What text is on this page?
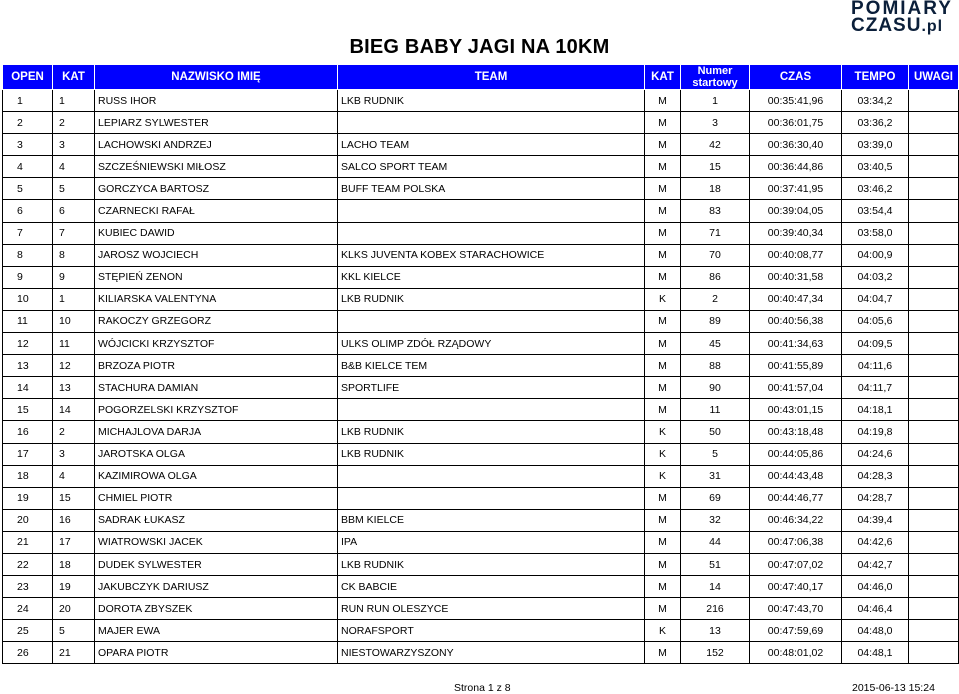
BIEG BABY JAGI NA 10KM
POMIARY
CZASU.pl
OPEN	KAT	NAZWISKO IMIĘ	TEAM	KAT	Numer startowy	CZAS	TEMPO	UWAGI
1	1	RUSS IHOR	LKB RUDNIK	M	1	00:35:41,96	03:34,2	
2	2	LEPIARZ SYLWESTER		M	3	00:36:01,75	03:36,2	
3	3	LACHOWSKI ANDRZEJ	LACHO TEAM	M	42	00:36:30,40	03:39,0	
4	4	SZCZEŚNIEWSKI MIŁOSZ	SALCO SPORT TEAM	M	15	00:36:44,86	03:40,5	
5	5	GORCZYCA BARTOSZ	BUFF TEAM POLSKA	M	18	00:37:41,95	03:46,2	
6	6	CZARNECKI RAFAŁ		M	83	00:39:04,05	03:54,4	
7	7	KUBIEC DAWID		M	71	00:39:40,34	03:58,0	
8	8	JAROSZ WOJCIECH	KLKS JUVENTA KOBEX STARACHOWICE	M	70	00:40:08,77	04:00,9	
9	9	STĘPIEŃ ZENON	KKL KIELCE	M	86	00:40:31,58	04:03,2	
10	1	KILIARSKA VALENTYNA	LKB RUDNIK	K	2	00:40:47,34	04:04,7	
11	10	RAKOCZY GRZEGORZ		M	89	00:40:56,38	04:05,6	
12	11	WÓJCICKI KRZYSZTOF	ULKS OLIMP ZDÓŁ RZĄDOWY	M	45	00:41:34,63	04:09,5	
13	12	BRZOZA PIOTR	B&B KIELCE TEM	M	88	00:41:55,89	04:11,6	
14	13	STACHURA DAMIAN	SPORTLIFE	M	90	00:41:57,04	04:11,7	
15	14	POGORZELSKI KRZYSZTOF		M	11	00:43:01,15	04:18,1	
16	2	MICHAJLOVA DARJA	LKB RUDNIK	K	50	00:43:18,48	04:19,8	
17	3	JAROTSKA OLGA	LKB RUDNIK	K	5	00:44:05,86	04:24,6	
18	4	KAZIMIROWA OLGA		K	31	00:44:43,48	04:28,3	
19	15	CHMIEL PIOTR		M	69	00:44:46,77	04:28,7	
20	16	SADRAK ŁUKASZ	BBM KIELCE	M	32	00:46:34,22	04:39,4	
21	17	WIATROWSKI JACEK	IPA	M	44	00:47:06,38	04:42,6	
22	18	DUDEK SYLWESTER	LKB RUDNIK	M	51	00:47:07,02	04:42,7	
23	19	JAKUBCZYK DARIUSZ	CK BABCIE	M	14	00:47:40,17	04:46,0	
24	20	DOROTA ZBYSZEK	RUN RUN OLESZYCE	M	216	00:47:43,70	04:46,4	
25	5	MAJER EWA	NORAFSPORT	K	13	00:47:59,69	04:48,0	
26	21	OPARA PIOTR	NIESTOWARZYSZONY	M	152	00:48:01,02	04:48,1	
Strona 1 z 8	2015-06-13 15:24
